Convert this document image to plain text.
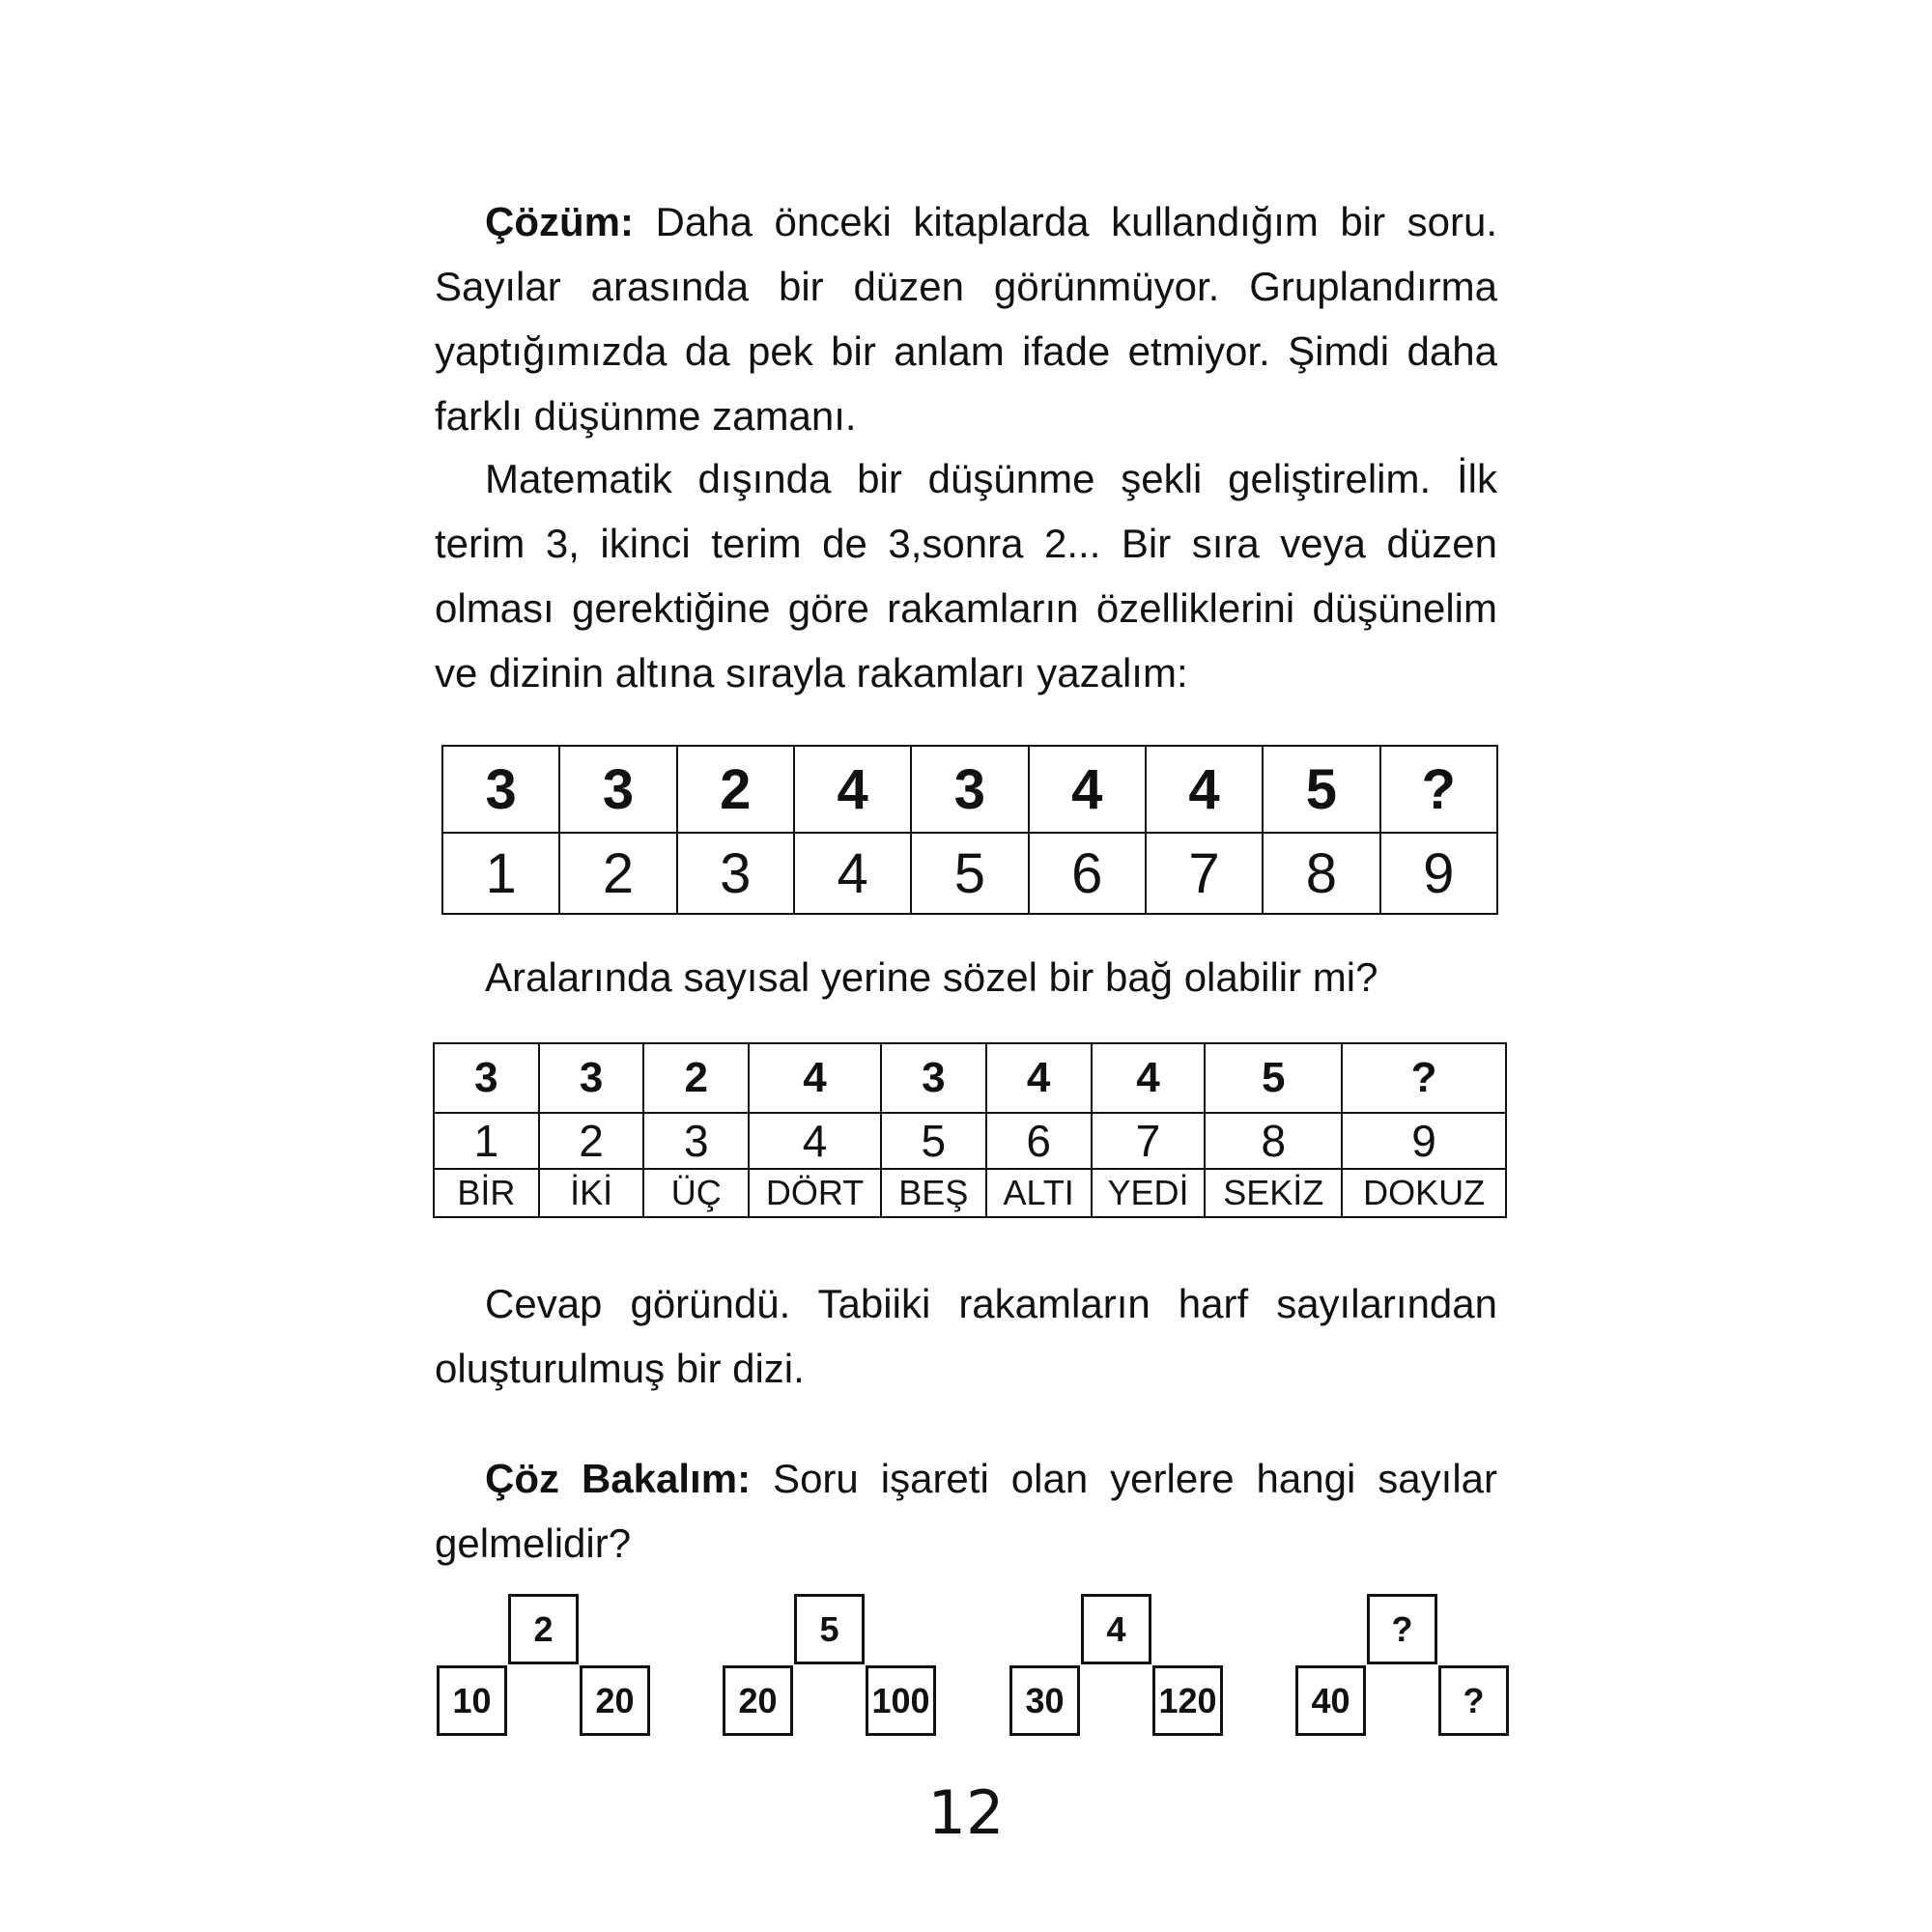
Çözüm: Daha önceki kitaplarda kullandığım bir soru. Sayılar arasında bir düzen görünmüyor. Gruplandırma yaptığımızda da pek bir anlam ifade etmiyor. Şimdi daha farklı düşünme zamanı.
Matematik dışında bir düşünme şekli geliştirelim. İlk terim 3, ikinci terim de 3,sonra 2... Bir sıra veya düzen olması gerektiğine göre rakamların özelliklerini düşünelim ve dizinin altına sırayla rakamları yazalım:
3	3	2	4	3	4	4	5	?
1	2	3	4	5	6	7	8	9
Aralarında sayısal yerine sözel bir bağ olabilir mi?
3	3	2	4	3	4	4	5	?
1	2	3	4	5	6	7	8	9
BİR	İKİ	ÜÇ	DÖRT	BEŞ	ALTI	YEDİ	SEKİZ	DOKUZ
Cevap göründü. Tabiiki rakamların harf sayılarından oluşturulmuş bir dizi.
Çöz Bakalım: Soru işareti olan yerlere hangi sayılar gelmelidir?
2
10	20
5
20	100
4
30	120
?
40	?
12
